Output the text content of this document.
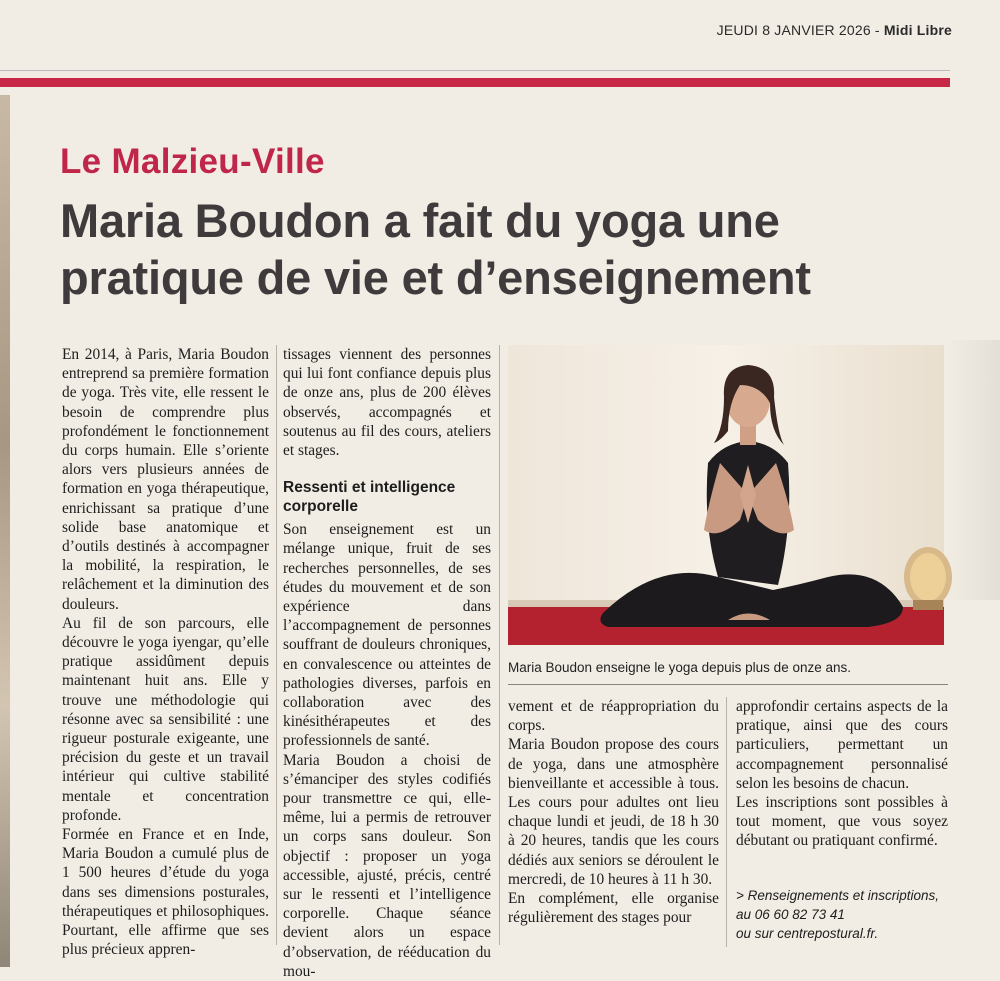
JEUDI 8 JANVIER 2026 - Midi Libre
Le Malzieu-Ville
Maria Boudon a fait du yoga une
pratique de vie et d’enseignement

En 2014, à Paris, Maria Boudon entreprend sa première formation de yoga. Très vite, elle ressent le besoin de comprendre plus profondément le fonctionnement du corps humain. Elle s’oriente alors vers plusieurs années de formation en yoga thérapeutique, enrichissant sa pratique d’une solide base anatomique et d’outils destinés à accompagner la mobilité, la respiration, le relâchement et la diminution des douleurs.

Au fil de son parcours, elle découvre le yoga iyengar, qu’elle pratique assidûment depuis maintenant huit ans. Elle y trouve une méthodologie qui résonne avec sa sensibilité : une rigueur posturale exigeante, une précision du geste et un travail intérieur qui cultive stabilité mentale et concentration profonde.

Formée en France et en Inde, Maria Boudon a cumulé plus de 1 500 heures d’étude du yoga dans ses dimensions posturales, thérapeutiques et philosophiques. Pourtant, elle affirme que ses plus précieux appren-

tissages viennent des personnes qui lui font confiance depuis plus de onze ans, plus de 200 élèves observés, accompagnés et soutenus au fil des cours, ateliers et stages.

Ressenti et intelligence corporelle

Son enseignement est un mélange unique, fruit de ses recherches personnelles, de ses études du mouvement et de son expérience dans l’accompagnement de personnes souffrant de douleurs chroniques, en convalescence ou atteintes de pathologies diverses, parfois en collaboration avec des kinésithérapeutes et des professionnels de santé.

Maria Boudon a choisi de s’émanciper des styles codifiés pour transmettre ce qui, elle-même, lui a permis de retrouver un corps sans douleur. Son objectif : proposer un yoga accessible, ajusté, précis, centré sur le ressenti et l’intelligence corporelle. Chaque séance devient alors un espace d’observation, de rééducation du mou-

Maria Boudon enseigne le yoga depuis plus de onze ans.

vement et de réappropriation du corps.

Maria Boudon propose des cours de yoga, dans une atmosphère bienveillante et accessible à tous. Les cours pour adultes ont lieu chaque lundi et jeudi, de 18 h 30 à 20 heures, tandis que les cours dédiés aux seniors se déroulent le mercredi, de 10 heures à 11 h 30.

En complément, elle organise régulièrement des stages pour

approfondir certains aspects de la pratique, ainsi que des cours particuliers, permettant un accompagnement personnalisé selon les besoins de chacun.

Les inscriptions sont possibles à tout moment, que vous soyez débutant ou pratiquant confirmé.

> Renseignements et inscriptions,
au 06 60 82 73 41
ou sur centrepostural.fr.
